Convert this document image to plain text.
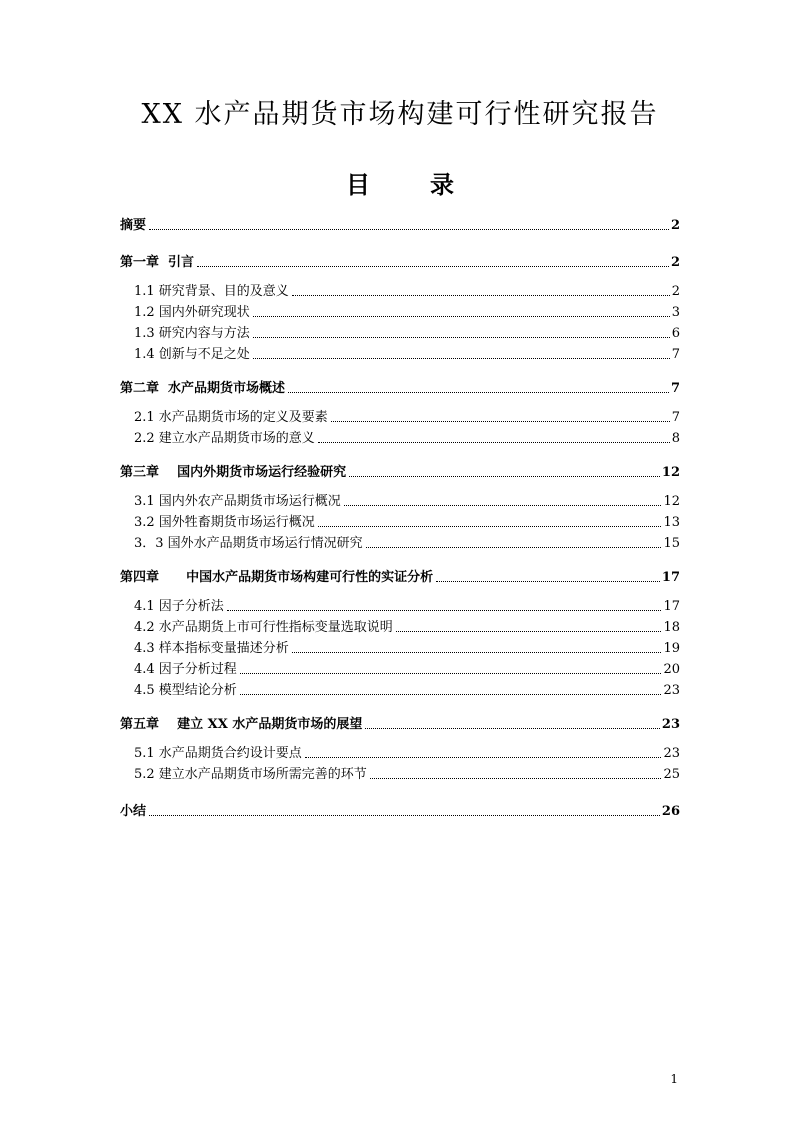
XX 水产品期货市场构建可行性研究报告
目	录
摘要	2
第一章  引言	2
1.1 研究背景、目的及意义	2
1.2 国内外研究现状	3
1.3 研究内容与方法	6
1.4 创新与不足之处	7
第二章  水产品期货市场概述	7
2.1 水产品期货市场的定义及要素	7
2.2 建立水产品期货市场的意义	8
第三章    国内外期货市场运行经验研究	12
3.1 国内外农产品期货市场运行概况	12
3.2 国外牲畜期货市场运行概况	13
3．3 国外水产品期货市场运行情况研究	15
第四章      中国水产品期货市场构建可行性的实证分析	17
4.1 因子分析法	17
4.2 水产品期货上市可行性指标变量选取说明	18
4.3 样本指标变量描述分析	19
4.4 因子分析过程	20
4.5 模型结论分析	23
第五章    建立 XX 水产品期货市场的展望	23
5.1 水产品期货合约设计要点	23
5.2 建立水产品期货市场所需完善的环节	25
小结	26
1
